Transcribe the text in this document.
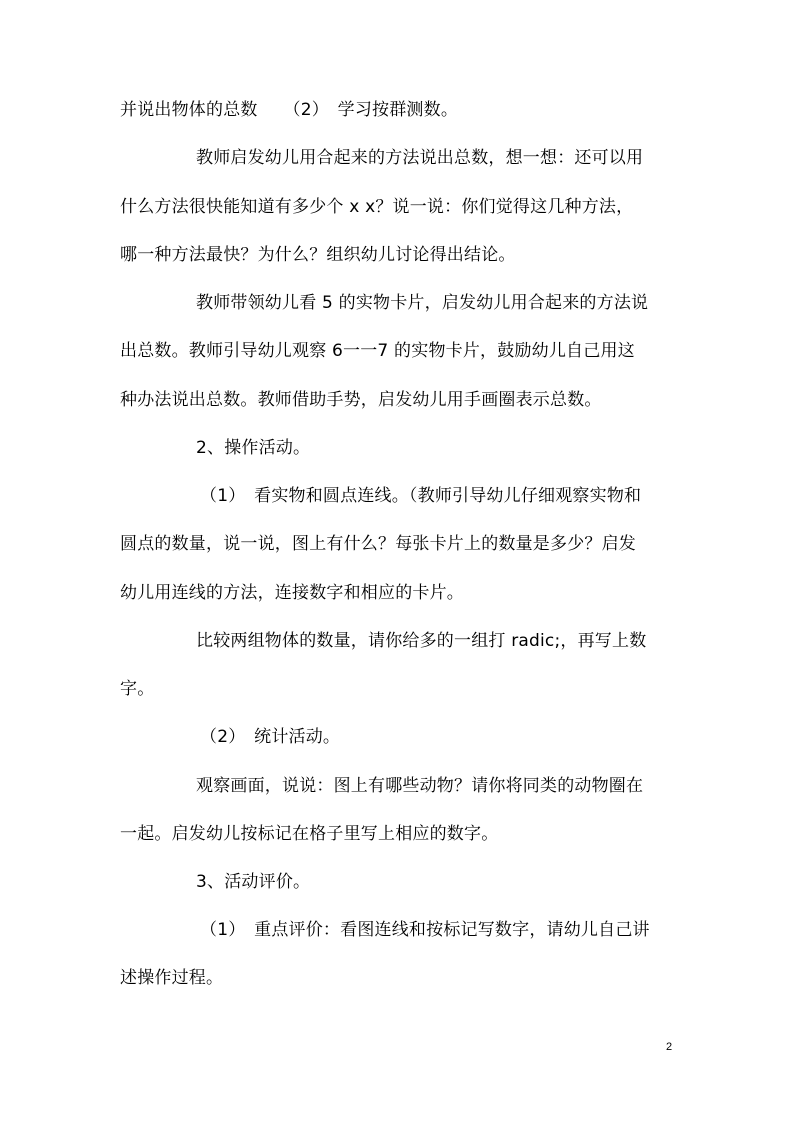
并说出物体的总数　　（2）　学习按群测数。
教师启发幼儿用合起来的方法说出总数，想一想：还可以用
什么方法很快能知道有多少个 x x？说一说：你们觉得这几种方法，
哪一种方法最快？为什么？组织幼儿讨论得出结论。
教师带领幼儿看 5 的实物卡片，启发幼儿用合起来的方法说
出总数。教师引导幼儿观察 6一一7 的实物卡片，鼓励幼儿自己用这
种办法说出总数。教师借助手势，启发幼儿用手画圈表示总数。
2、操作活动。
（1）　看实物和圆点连线。（教师引导幼儿仔细观察实物和
圆点的数量，说一说，图上有什么？每张卡片上的数量是多少？启发
幼儿用连线的方法，连接数字和相应的卡片。
比较两组物体的数量，请你给多的一组打 radic;，再写上数
字。
（2）　统计活动。
观察画面，说说：图上有哪些动物？请你将同类的动物圈在
一起。启发幼儿按标记在格子里写上相应的数字。
3、活动评价。
（1）　重点评价：看图连线和按标记写数字，请幼儿自己讲
述操作过程。
2
